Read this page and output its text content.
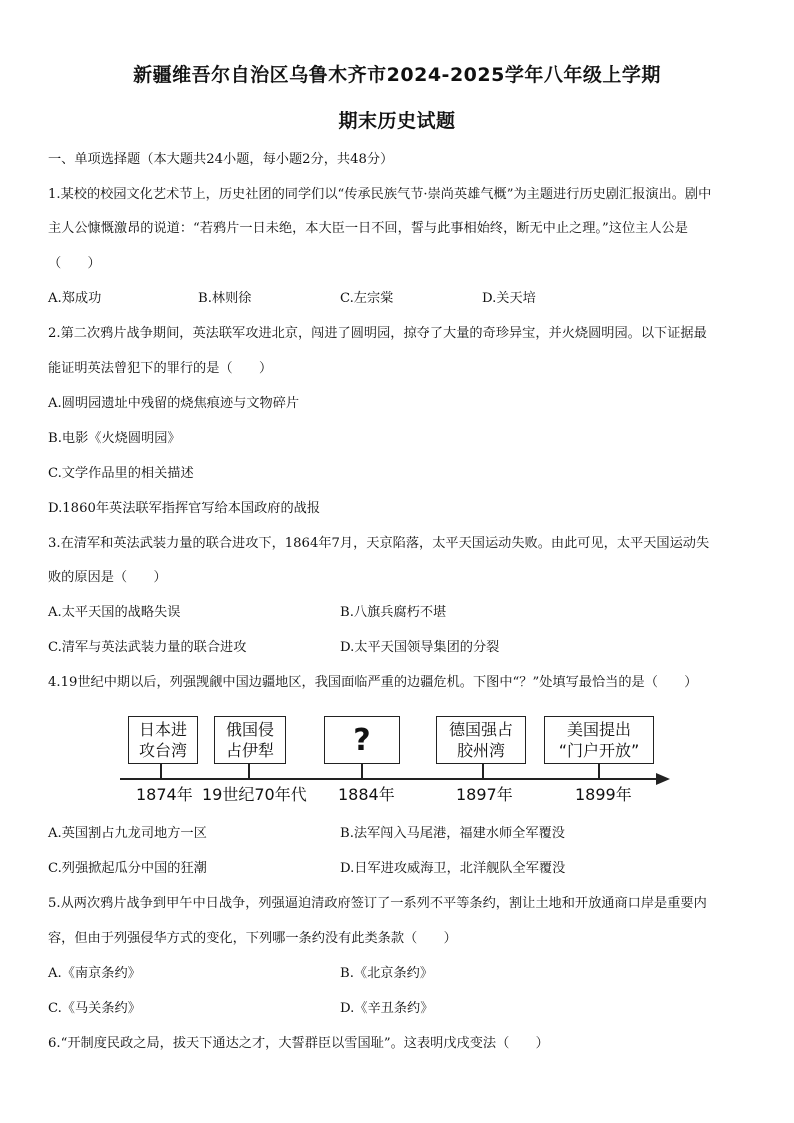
新疆维吾尔自治区乌鲁木齐市2024-2025学年八年级上学期
期末历史试题
一、单项选择题（本大题共24小题，每小题2分，共48分）
1.某校的校园文化艺术节上，历史社团的同学们以“传承民族气节·崇尚英雄气概”为主题进行历史剧汇报演出。剧中
主人公慷慨激昂的说道：“若鸦片一日未绝，本大臣一日不回，誓与此事相始终，断无中止之理。”这位主人公是
（　　）
A.郑成功	B.林则徐	C.左宗棠	D.关天培
2.第二次鸦片战争期间，英法联军攻进北京，闯进了圆明园，掠夺了大量的奇珍异宝，并火烧圆明园。以下证据最
能证明英法曾犯下的罪行的是（　　）
A.圆明园遗址中残留的烧焦痕迹与文物碎片
B.电影《火烧圆明园》
C.文学作品里的相关描述
D.1860年英法联军指挥官写给本国政府的战报
3.在清军和英法武装力量的联合进攻下，1864年7月，天京陷落，太平天国运动失败。由此可见，太平天国运动失
败的原因是（　　）
A.太平天国的战略失误	B.八旗兵腐朽不堪
C.清军与英法武装力量的联合进攻	D.太平天国领导集团的分裂
4.19世纪中期以后，列强觊觎中国边疆地区，我国面临严重的边疆危机。下图中“？”处填写最恰当的是（　　）
日本进
攻台湾
俄国侵
占伊犁	?	德国强占
胶州湾
美国提出
“门户开放”
1874年 19世纪70年代 1884年	1897年	1899年
A.英国割占九龙司地方一区	B.法军闯入马尾港，福建水师全军覆没
C.列强掀起瓜分中国的狂潮	D.日军进攻威海卫，北洋舰队全军覆没
5.从两次鸦片战争到甲午中日战争，列强逼迫清政府签订了一系列不平等条约，割让土地和开放通商口岸是重要内
容，但由于列强侵华方式的变化，下列哪一条约没有此类条款（　　）
A.《南京条约》	B.《北京条约》
C.《马关条约》	D.《辛丑条约》
6.“开制度民政之局，拔天下通达之才，大誓群臣以雪国耻”。这表明戊戌变法（　　）
